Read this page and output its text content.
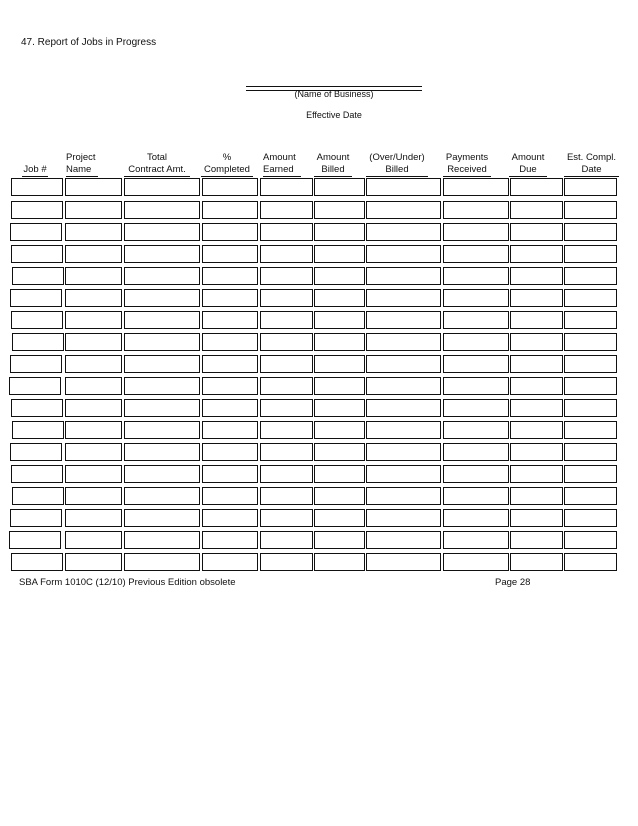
47. Report of Jobs in Progress
(Name of Business)
Effective Date

Job #
Project
Name
Total
Contract Amt.
%
Completed
Amount
Earned
Amount
Billed
(Over/Under)
Billed
Payments
Received
Amount
Due
Est. Compl.
Date
SBA Form 1010C (12/10) Previous Edition obsolete	Page 28
